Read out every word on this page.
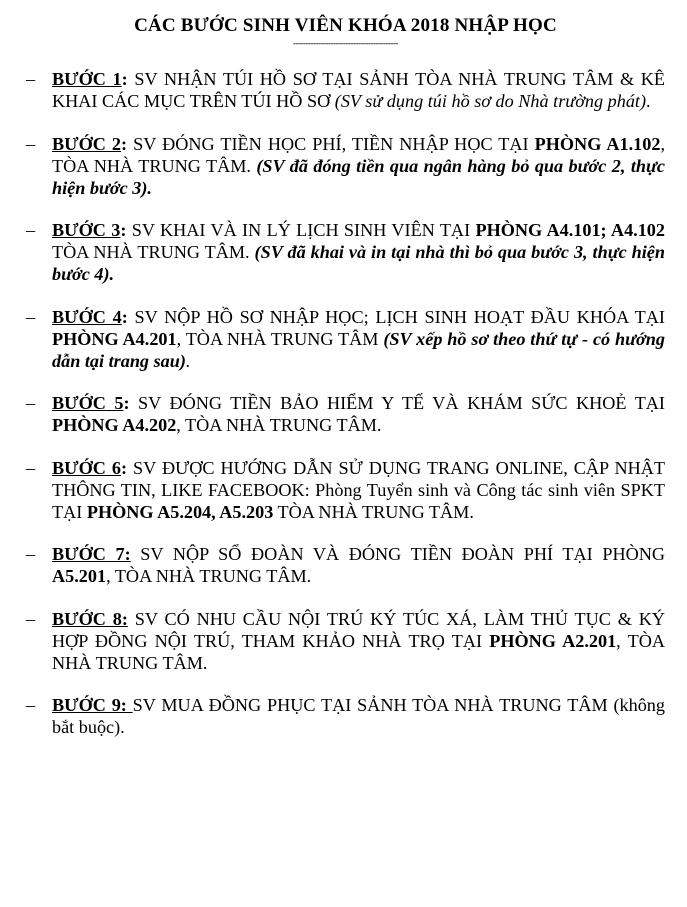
CÁC BƯỚC SINH VIÊN KHÓA 2018 NHẬP HỌC
------------------------------------------
– BƯỚC 1: SV NHẬN TÚI HỒ SƠ TẠI SẢNH TÒA NHÀ TRUNG TÂM & KÊ KHAI CÁC MỤC TRÊN TÚI HỒ SƠ (SV sử dụng túi hồ sơ do Nhà trường phát).
– BƯỚC 2: SV ĐÓNG TIỀN HỌC PHÍ, TIỀN NHẬP HỌC TẠI PHÒNG A1.102, TÒA NHÀ TRUNG TÂM. (SV đã đóng tiền qua ngân hàng bỏ qua bước 2, thực hiện bước 3).
– BƯỚC 3: SV KHAI VÀ IN LÝ LỊCH SINH VIÊN TẠI PHÒNG A4.101; A4.102 TÒA NHÀ TRUNG TÂM. (SV đã khai và in tại nhà thì bỏ qua bước 3, thực hiện bước 4).
– BƯỚC 4: SV NỘP HỒ SƠ NHẬP HỌC; LỊCH SINH HOẠT ĐẦU KHÓA TẠI PHÒNG A4.201, TÒA NHÀ TRUNG TÂM (SV xếp hồ sơ theo thứ tự - có hướng dẫn tại trang sau).
– BƯỚC 5: SV ĐÓNG TIỀN BẢO HIỂM Y TẾ VÀ KHÁM SỨC KHOẺ TẠI PHÒNG A4.202, TÒA NHÀ TRUNG TÂM.
– BƯỚC 6: SV ĐƯỢC HƯỚNG DẪN SỬ DỤNG TRANG ONLINE, CẬP NHẬT THÔNG TIN, LIKE FACEBOOK: Phòng Tuyển sinh và Công tác sinh viên SPKT TẠI PHÒNG A5.204, A5.203 TÒA NHÀ TRUNG TÂM.
– BƯỚC 7: SV NỘP SỔ ĐOÀN VÀ ĐÓNG TIỀN ĐOÀN PHÍ TẠI PHÒNG A5.201, TÒA NHÀ TRUNG TÂM.
– BƯỚC 8: SV CÓ NHU CẦU NỘI TRÚ KÝ TÚC XÁ, LÀM THỦ TỤC & KÝ HỢP ĐỒNG NỘI TRÚ, THAM KHẢO NHÀ TRỌ TẠI PHÒNG A2.201, TÒA NHÀ TRUNG TÂM.
– BƯỚC 9: SV MUA ĐỒNG PHỤC TẠI SẢNH TÒA NHÀ TRUNG TÂM (không bắt buộc).
